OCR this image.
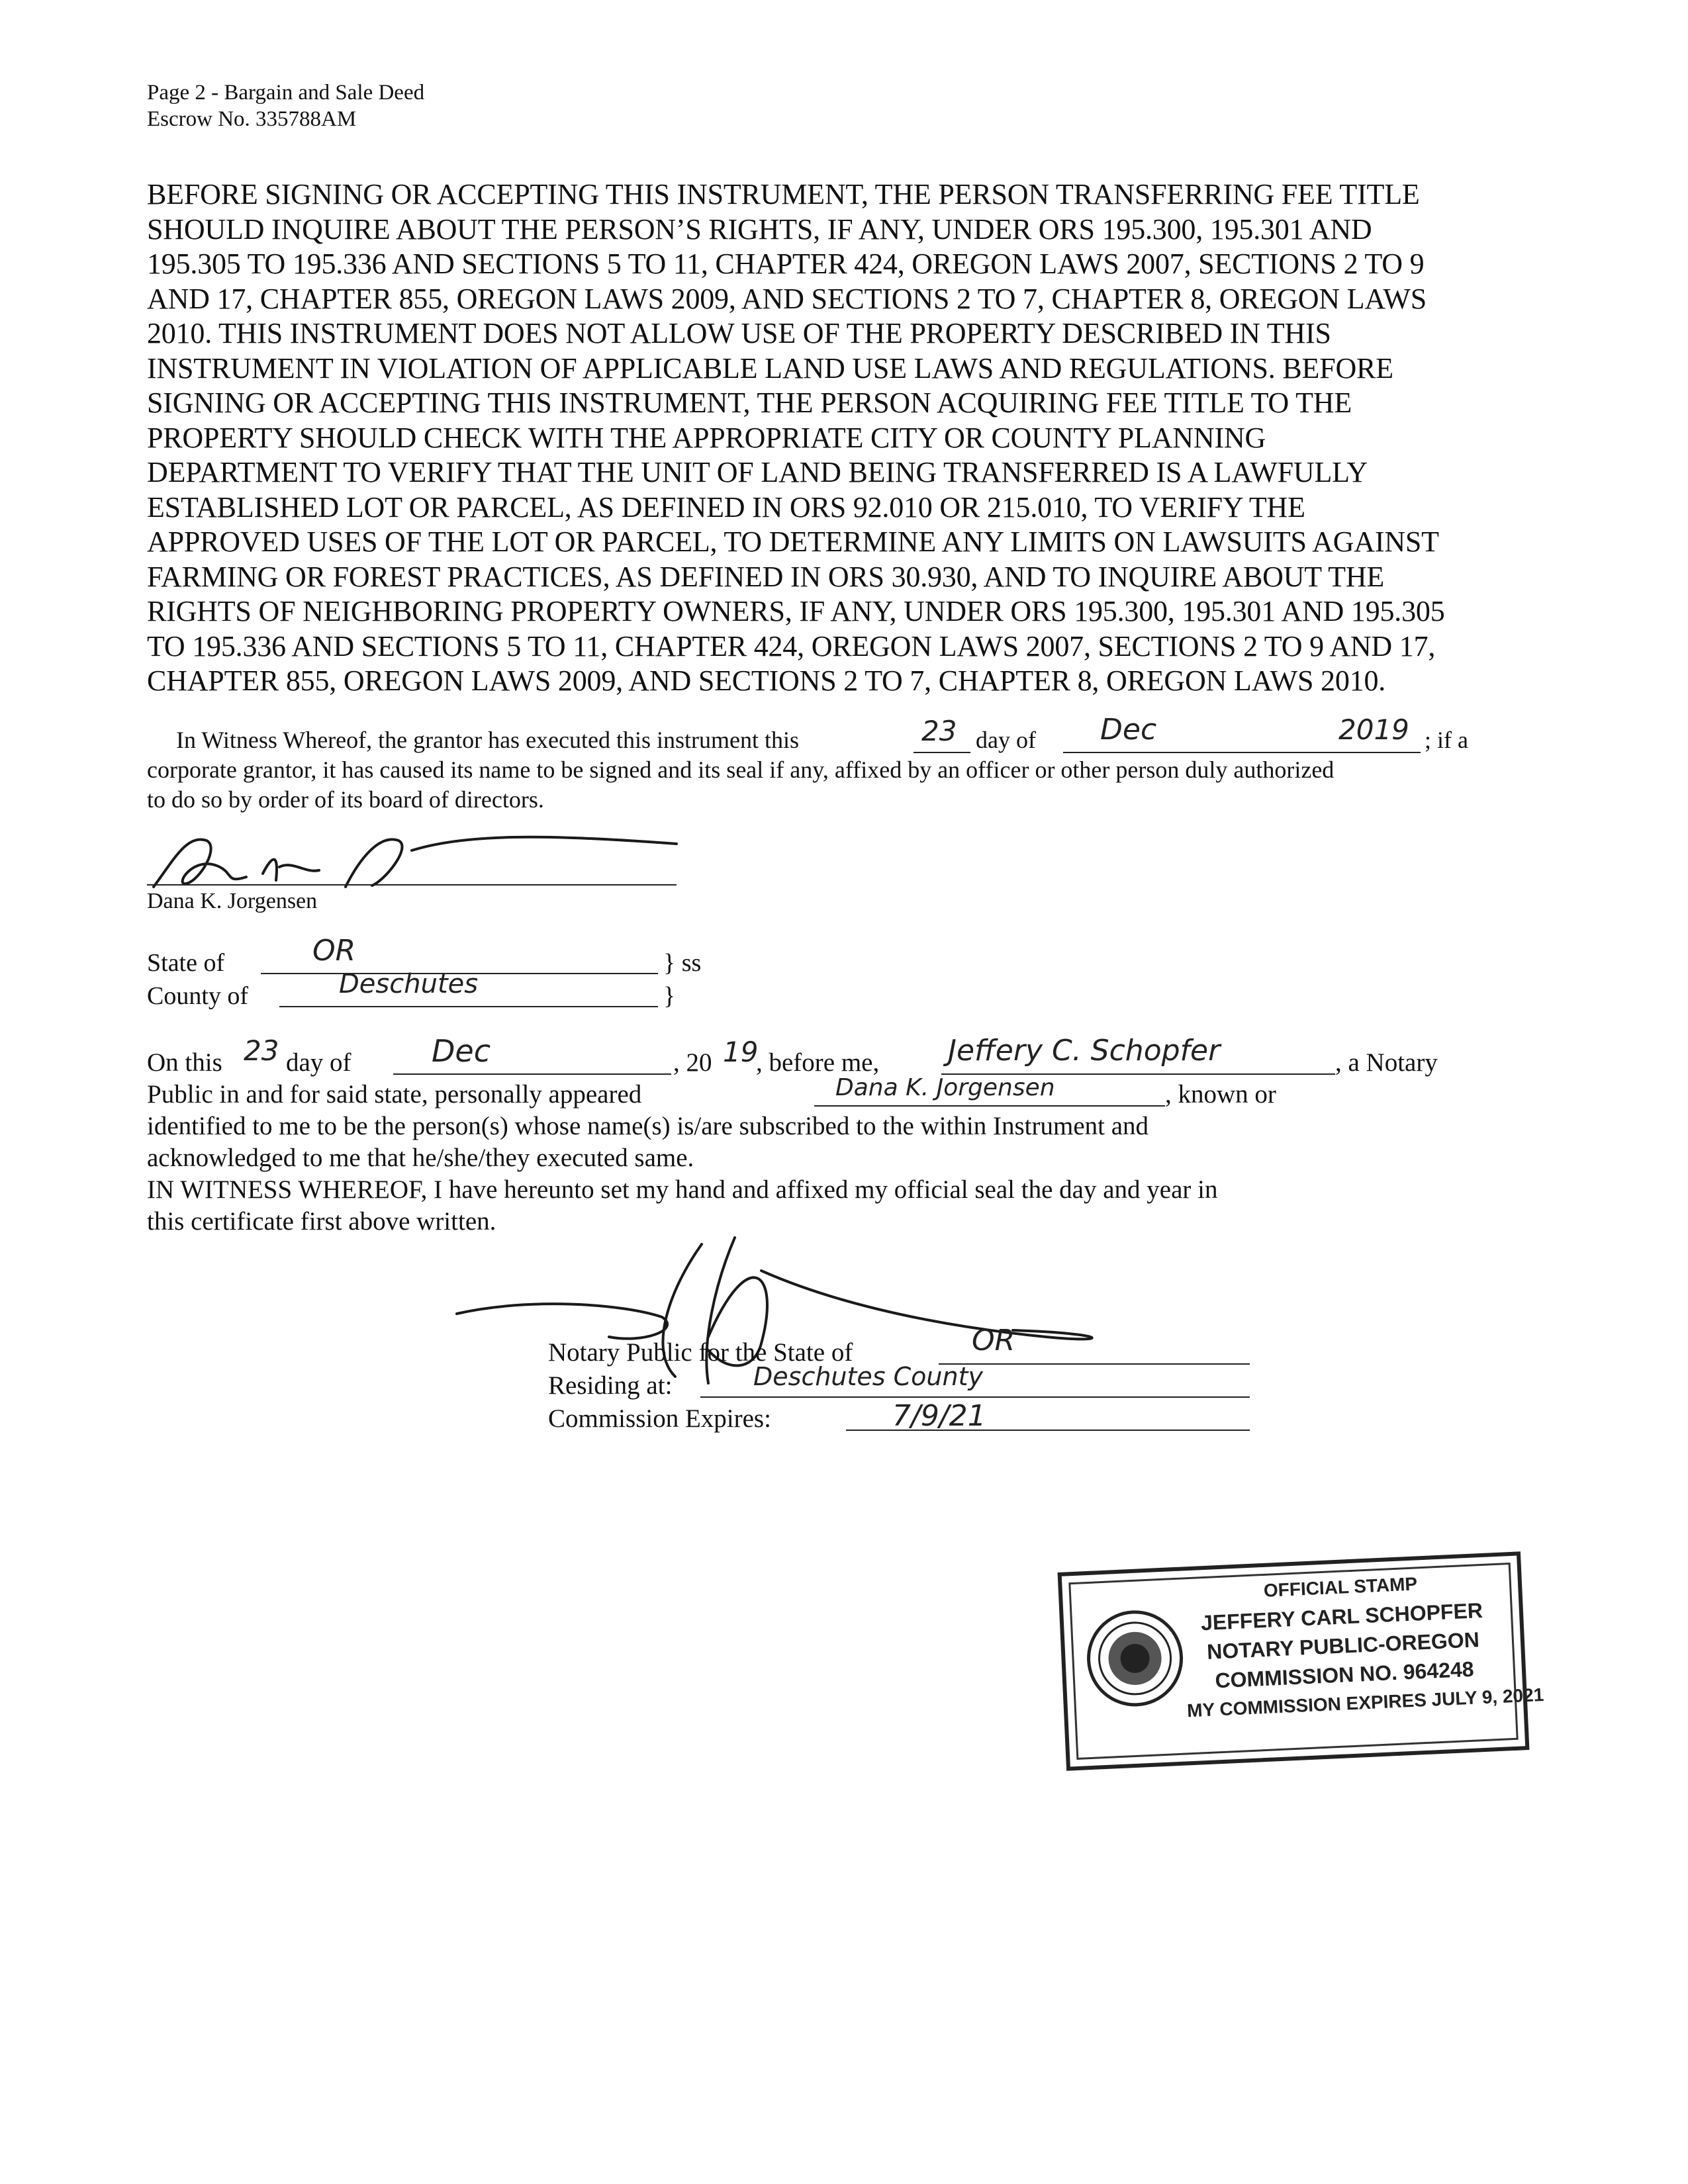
Page 2 - Bargain and Sale Deed
Escrow No. 335788AM
BEFORE SIGNING OR ACCEPTING THIS INSTRUMENT, THE PERSON TRANSFERRING FEE TITLE
SHOULD INQUIRE ABOUT THE PERSON’S RIGHTS, IF ANY, UNDER ORS 195.300, 195.301 AND
195.305 TO 195.336 AND SECTIONS 5 TO 11, CHAPTER 424, OREGON LAWS 2007, SECTIONS 2 TO 9
AND 17, CHAPTER 855, OREGON LAWS 2009, AND SECTIONS 2 TO 7, CHAPTER 8, OREGON LAWS
2010. THIS INSTRUMENT DOES NOT ALLOW USE OF THE PROPERTY DESCRIBED IN THIS
INSTRUMENT IN VIOLATION OF APPLICABLE LAND USE LAWS AND REGULATIONS. BEFORE
SIGNING OR ACCEPTING THIS INSTRUMENT, THE PERSON ACQUIRING FEE TITLE TO THE
PROPERTY SHOULD CHECK WITH THE APPROPRIATE CITY OR COUNTY PLANNING
DEPARTMENT TO VERIFY THAT THE UNIT OF LAND BEING TRANSFERRED IS A LAWFULLY
ESTABLISHED LOT OR PARCEL, AS DEFINED IN ORS 92.010 OR 215.010, TO VERIFY THE
APPROVED USES OF THE LOT OR PARCEL, TO DETERMINE ANY LIMITS ON LAWSUITS AGAINST
FARMING OR FOREST PRACTICES, AS DEFINED IN ORS 30.930, AND TO INQUIRE ABOUT THE
RIGHTS OF NEIGHBORING PROPERTY OWNERS, IF ANY, UNDER ORS 195.300, 195.301 AND 195.305
TO 195.336 AND SECTIONS 5 TO 11, CHAPTER 424, OREGON LAWS 2007, SECTIONS 2 TO 9 AND 17,
CHAPTER 855, OREGON LAWS 2009, AND SECTIONS 2 TO 7, CHAPTER 8, OREGON LAWS 2010.
In Witness Whereof, the grantor has executed this instrument this	23 day of Dec	2019 ; if a
corporate grantor, it has caused its name to be signed and its seal if any, affixed by an officer or other person duly authorized
to do so by order of its board of directors.
Dana K. Jorgensen
State of	OR	} ss
County of	Deschutes	}
On this 23 day of	Dec	, 20 19
, before me, Jeffery C. Schopfer	, a Notary
Public in and for said state, personally appeared	Dana K. Jorgensen	, known or
identified to me to be the person(s) whose name(s) is/are subscribed to the within Instrument and
acknowledged to me that he/she/they executed same.
IN WITNESS WHEREOF, I have hereunto set my hand and affixed my official seal the day and year in
this certificate first above written.
Notary Public for the State of	OR
Residing at:	Deschutes County
Commission Expires:	7/9/21
OFFICIAL STAMP
JEFFERY CARL SCHOPFER
NOTARY PUBLIC-OREGON
COMMISSION NO. 964248
MY COMMISSION EXPIRES JULY 9, 2021
